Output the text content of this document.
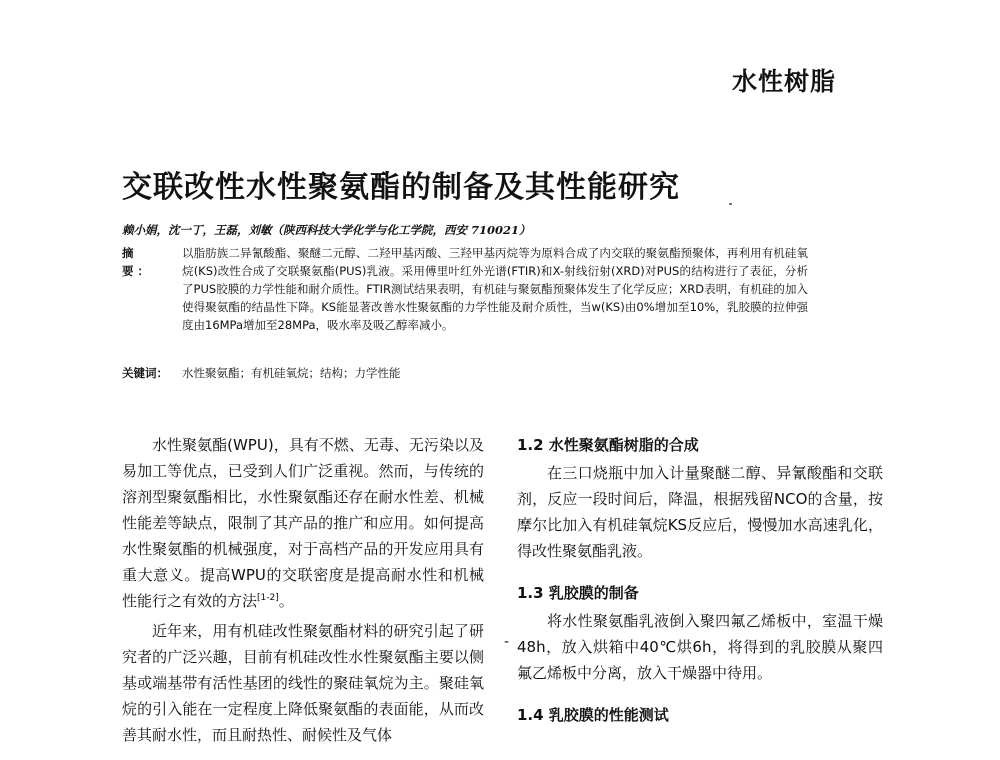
水性树脂
交联改性水性聚氨酯的制备及其性能研究
赖小娟，沈一丁，王磊，刘敏（陕西科技大学化学与化工学院，西安 710021）
摘　要：
以脂肪族二异氰酸酯、聚醚二元醇、二羟甲基丙酸、三羟甲基丙烷等为原料合成了内交联的聚氨酯预聚体，再利用有机硅氧烷(KS)改性合成了交联聚氨酯(PUS)乳液。采用傅里叶红外光谱(FTIR)和X-射线衍射(XRD)对PUS的结构进行了表征，分析了PUS胶膜的力学性能和耐介质性。FTIR测试结果表明，有机硅与聚氨酯预聚体发生了化学反应；XRD表明，有机硅的加入使得聚氨酯的结晶性下降。KS能显著改善水性聚氨酯的力学性能及耐介质性，当w(KS)由0%增加至10%，乳胶膜的拉伸强度由16MPa增加至28MPa，吸水率及吸乙醇率减小。
关键词：	水性聚氨酯；有机硅氧烷；结构；力学性能

水性聚氨酯(WPU)，具有不燃、无毒、无污染以及易加工等优点，已受到人们广泛重视。然而，与传统的溶剂型聚氨酯相比，水性聚氨酯还存在耐水性差、机械性能差等缺点，限制了其产品的推广和应用。如何提高水性聚氨酯的机械强度，对于高档产品的开发应用具有重大意义。提高WPU的交联密度是提高耐水性和机械性能行之有效的方法[1-2]。

近年来，用有机硅改性聚氨酯材料的研究引起了研究者的广泛兴趣，目前有机硅改性水性聚氨酯主要以侧基或端基带有活性基团的线性的聚硅氧烷为主。聚硅氧烷的引入能在一定程度上降低聚氨酯的表面能，从而改善其耐水性，而且耐热性、耐候性及气体

-
1.2 水性聚氨酯树脂的合成

在三口烧瓶中加入计量聚醚二醇、异氰酸酯和交联剂，反应一段时间后，降温，根据残留NCO的含量，按摩尔比加入有机硅氧烷KS反应后，慢慢加水高速乳化，得改性聚氨酯乳液。

1.3 乳胶膜的制备

将水性聚氨酯乳液倒入聚四氟乙烯板中，室温干燥48h，放入烘箱中40℃烘6h，将得到的乳胶膜从聚四氟乙烯板中分离，放入干燥器中待用。

1.4 乳胶膜的性能测试
